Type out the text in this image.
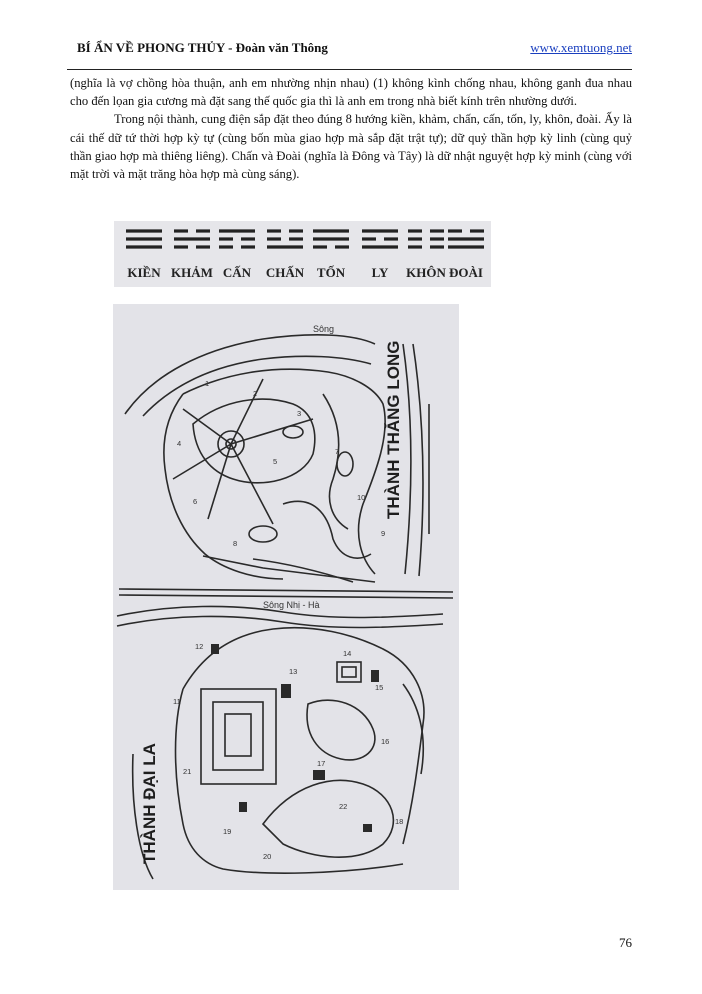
BÍ ẨN VỀ PHONG THỦY - Đoàn văn Thông	www.xemtuong.net

(nghĩa là vợ chồng hòa thuận, anh em nhường nhịn nhau) (1) không kình chống nhau, không ganh đua nhau cho đến lọan gia cương mà đặt sang thế quốc gia thì là anh em trong nhà biết kính trên nhường dưới.

Trong nội thành, cung điện sắp đặt theo đúng 8 hướng kiền, khảm, chấn, cấn, tốn, ly, khôn, đoài. Ấy là cái thế dữ tứ thời hợp kỳ tự (cùng bốn mùa giao hợp mà sắp đặt trật tự); dữ quỷ thần hợp kỳ linh (cùng quỷ thần giao hợp mà thiêng liêng). Chấn và Đoài (nghĩa là Đông và Tây) là dữ nhật nguyệt hợp kỳ minh (cùng với mặt trời và mặt trăng hòa hợp mà cùng sáng).

KIỀN KHẢM CẤN CHẤN TỐN LY KHÔN ĐOÀI
THÀNH THĂNG LONG
THÀNH ĐẠI LA
1
2
3
4
5
6
7
8
9
10
11
12
13
14
15
16
17
18
19
20
21
22
Sông Nhị - Hà
Sông
76
